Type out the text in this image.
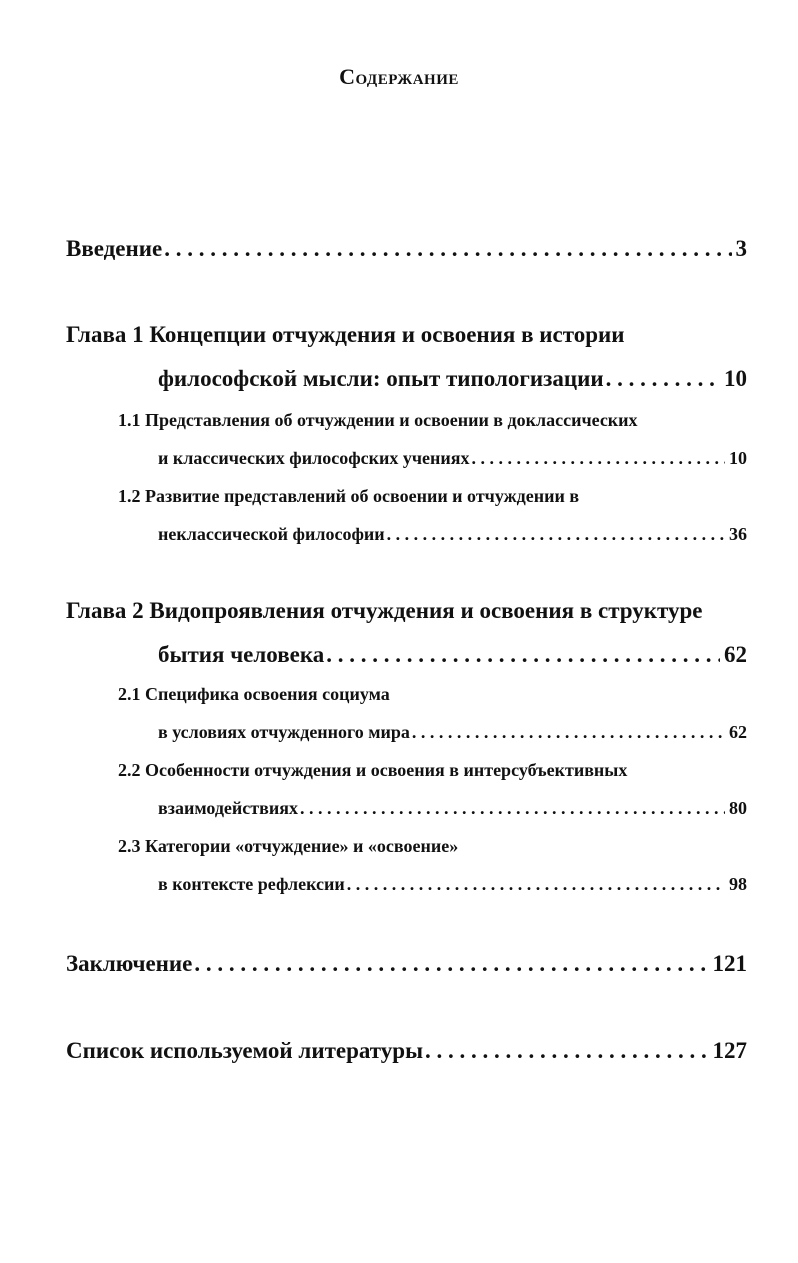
Содержание
Введение . . .	3
Глава 1 Концепции отчуждения и освоения в истории
философской мысли: опыт типологизации . . .	10
1.1 Представления об отчуждении и освоении в доклассических
и классических философских учениях . . .	10
1.2 Развитие представлений об освоении и отчуждении в
неклассической философии . . .	36
Глава 2 Видопроявления отчуждения и освоения в структуре
бытия человека . . .	62
2.1 Специфика освоения социума
в условиях отчужденного мира . . .	62
2.2 Особенности отчуждения и освоения в интерсубъективных
взаимодействиях . . .	80
2.3 Категории «отчуждение» и «освоение»
в контексте рефлексии . . .	98
Заключение . . .	121
Список используемой литературы . . .	127
